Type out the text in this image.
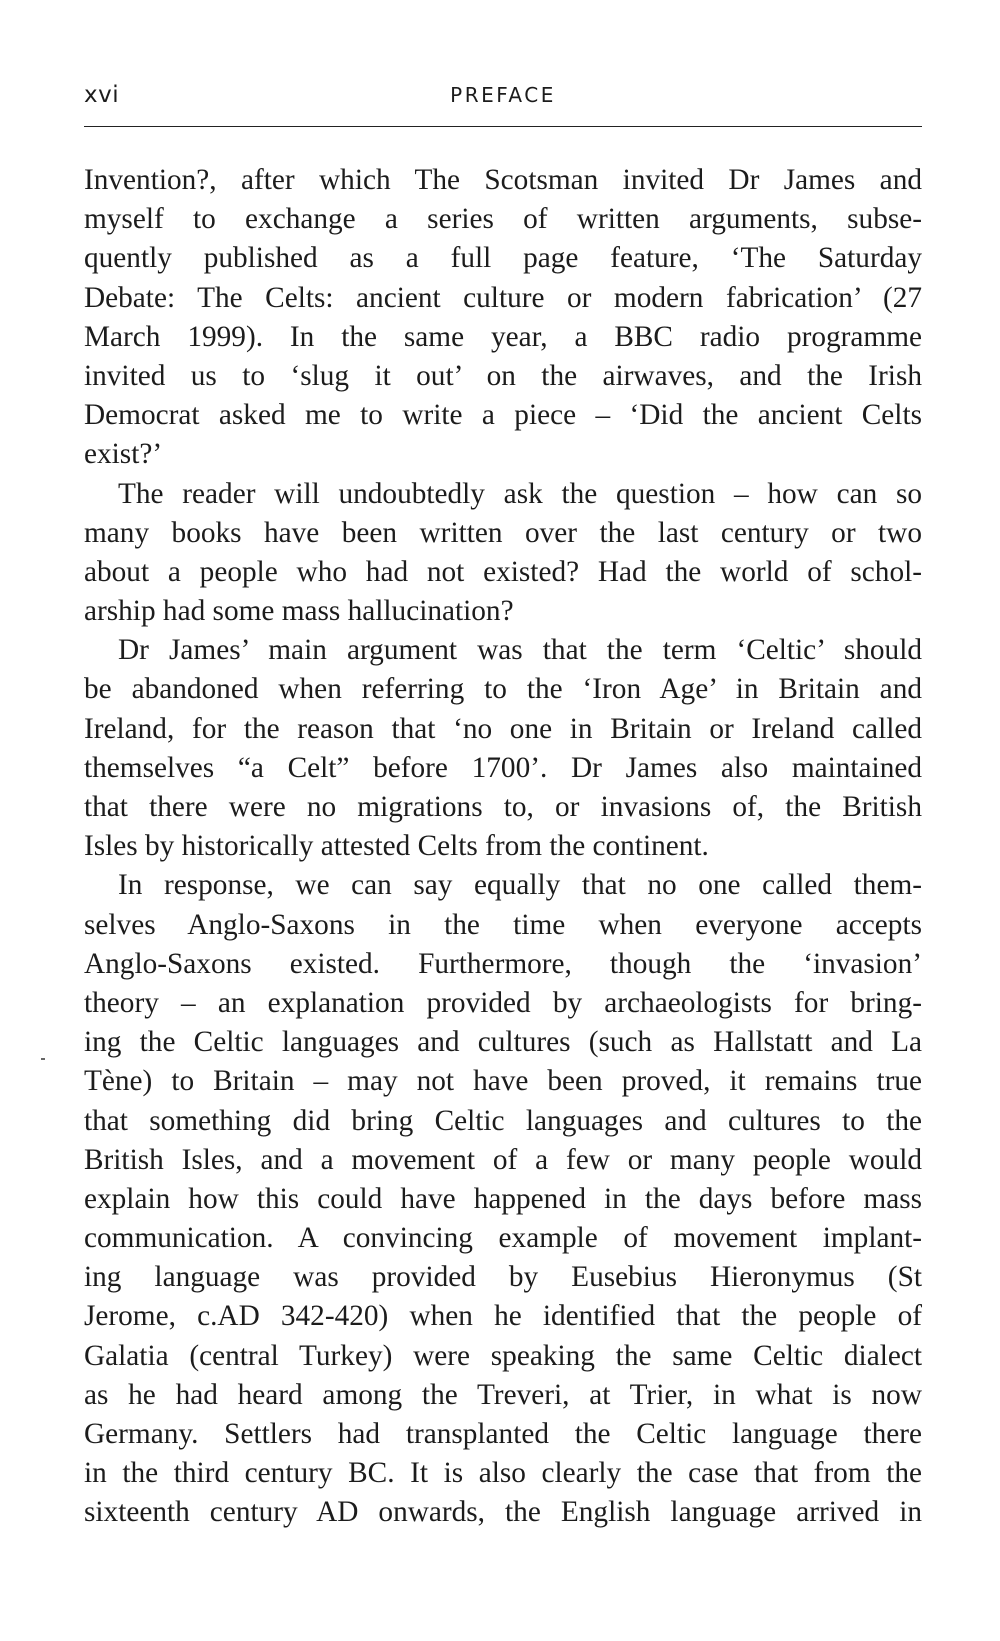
xvi	PREFACE
Invention?, after which The Scotsman invited Dr James and
myself to exchange a series of written arguments, subse-
quently published as a full page feature, ‘The Saturday
Debate: The Celts: ancient culture or modern fabrication’ (27
March 1999). In the same year, a BBC radio programme
invited us to ‘slug it out’ on the airwaves, and the Irish
Democrat asked me to write a piece – ‘Did the ancient Celts
exist?’
The reader will undoubtedly ask the question – how can so
many books have been written over the last century or two
about a people who had not existed? Had the world of schol-
arship had some mass hallucination?
Dr James’ main argument was that the term ‘Celtic’ should
be abandoned when referring to the ‘Iron Age’ in Britain and
Ireland, for the reason that ‘no one in Britain or Ireland called
themselves “a Celt” before 1700’. Dr James also maintained
that there were no migrations to, or invasions of, the British
Isles by historically attested Celts from the continent.
In response, we can say equally that no one called them-
selves Anglo-Saxons in the time when everyone accepts
Anglo-Saxons existed. Furthermore, though the ‘invasion’
theory – an explanation provided by archaeologists for bring-
ing the Celtic languages and cultures (such as Hallstatt and La
Tène) to Britain – may not have been proved, it remains true
that something did bring Celtic languages and cultures to the
British Isles, and a movement of a few or many people would
explain how this could have happened in the days before mass
communication. A convincing example of movement implant-
ing language was provided by Eusebius Hieronymus (St
Jerome, c.AD 342-420) when he identified that the people of
Galatia (central Turkey) were speaking the same Celtic dialect
as he had heard among the Treveri, at Trier, in what is now
Germany. Settlers had transplanted the Celtic language there
in the third century BC. It is also clearly the case that from the
sixteenth century AD onwards, the English language arrived in
